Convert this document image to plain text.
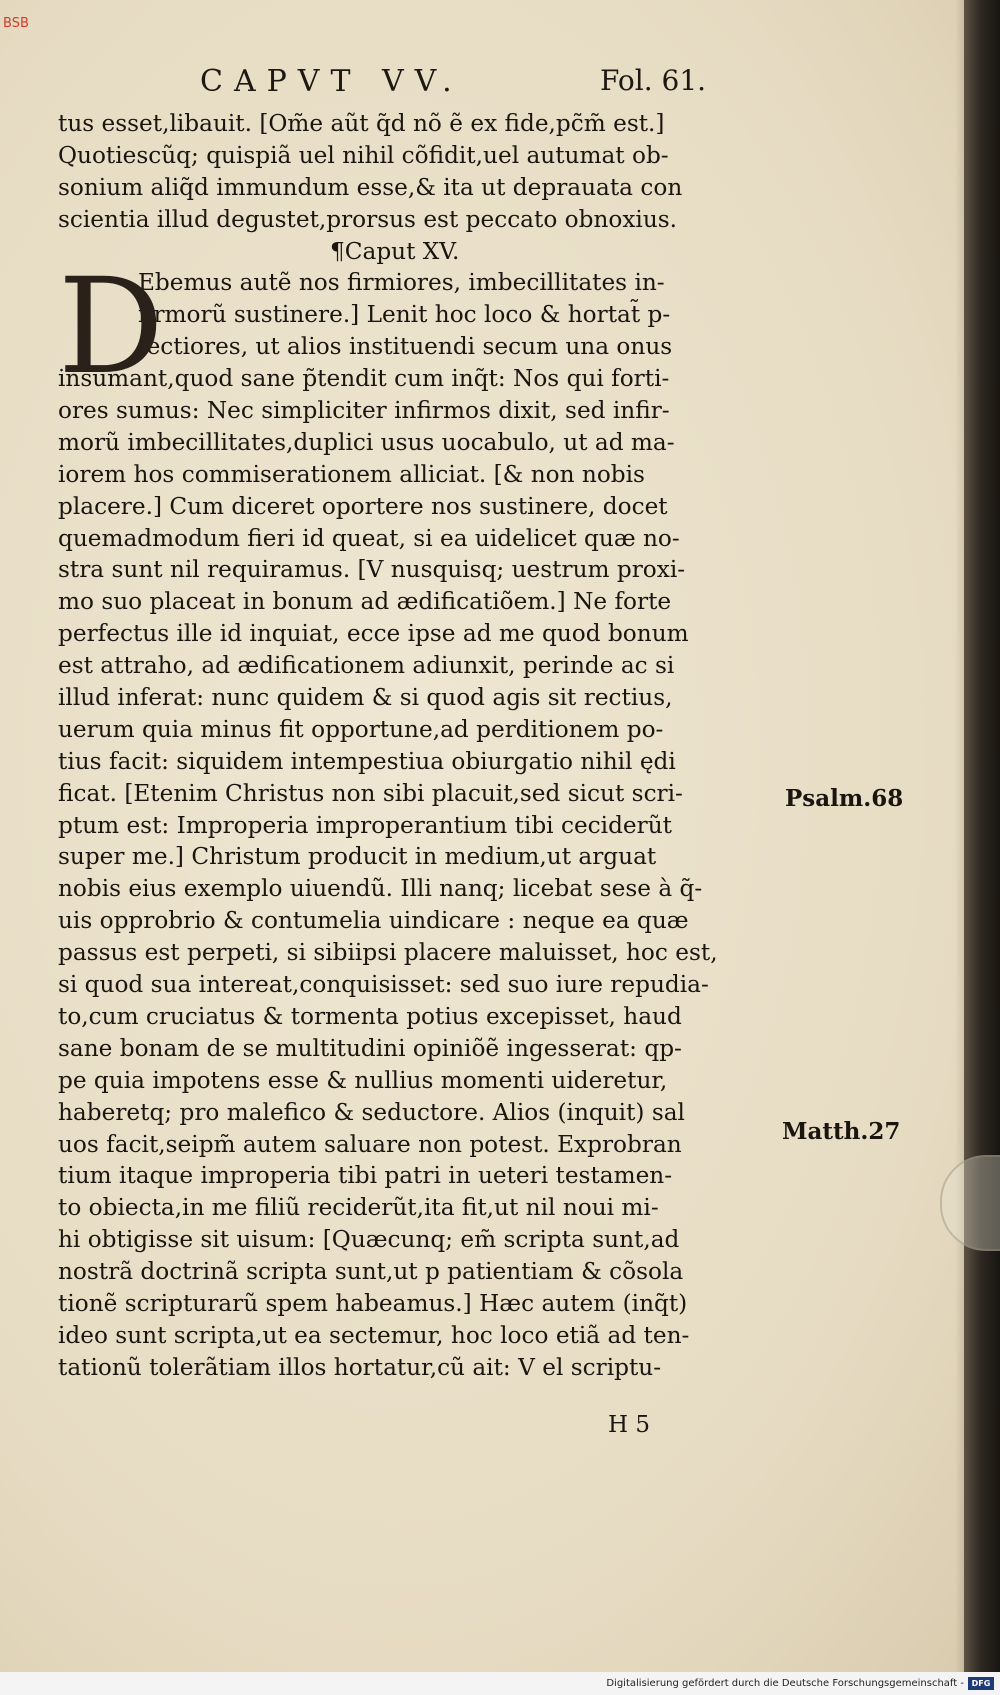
BSB
CAPVT VV.	Fol. 61.
D
tus esset,libauit. [Om̃e aũt q̃d nõ ẽ ex fide,pc̃m̃ est.]
Quotiescũq; quispiã uel nihil cõfidit,uel autumat ob-
sonium aliq̃d immundum esse,& ita ut deprauata con
scientia illud degustet,prorsus est peccato obnoxius.
¶Caput XV.
Ebemus autẽ nos firmiores, imbecillitates in-
firmorũ sustinere.] Lenit hoc loco & hortat̃ p-
fectiores, ut alios instituendi secum una onus
insumant,quod sane p̃tendit cum inq̃t: Nos qui forti-
ores sumus: Nec simpliciter infirmos dixit, sed infir-
morũ imbecillitates,duplici usus uocabulo, ut ad ma-
iorem hos commiserationem alliciat. [& non nobis
placere.] Cum diceret oportere nos sustinere, docet
quemadmodum fieri id queat, si ea uidelicet quæ no-
stra sunt nil requiramus. [V nusquisq; uestrum proxi-
mo suo placeat in bonum ad ædificatiõem.] Ne forte
perfectus ille id inquiat, ecce ipse ad me quod bonum
est attraho, ad ædificationem adiunxit, perinde ac si
illud inferat: nunc quidem & si quod agis sit rectius,
uerum quia minus fit opportune,ad perditionem po-
tius facit: siquidem intempestiua obiurgatio nihil ędi
ficat. [Etenim Christus non sibi placuit,sed sicut scri-
ptum est: Improperia improperantium tibi ceciderũt
super me.] Christum producit in medium,ut arguat
nobis eius exemplo uiuendũ. Illi nanq; licebat sese à q̃-
uis opprobrio & contumelia uindicare : neque ea quæ
passus est perpeti, si sibiipsi placere maluisset, hoc est,
si quod sua intereat,conquisisset: sed suo iure repudia-
to,cum cruciatus & tormenta potius excepisset, haud
sane bonam de se multitudini opiniõẽ ingesserat: qp-
pe quia impotens esse & nullius momenti uideretur,
haberetq; pro malefico & seductore. Alios (inquit) sal
uos facit,seipm̃ autem saluare non potest. Exprobran
tium itaque improperia tibi patri in ueteri testamen-
to obiecta,in me filiũ reciderũt,ita fit,ut nil noui mi-
hi obtigisse sit uisum: [Quæcunq; em̃ scripta sunt,ad
nostrã doctrinã scripta sunt,ut p patientiam & cõsola
tionẽ scripturarũ spem habeamus.] Hæc autem (inq̃t)
ideo sunt scripta,ut ea sectemur, hoc loco etiã ad ten-
tationũ tolerãtiam illos hortatur,cũ ait: V el scriptu-
Psalm.68
Matth.27
H 5
Digitalisierung gefördert durch die Deutsche Forschungsgemeinschaft - DFG
